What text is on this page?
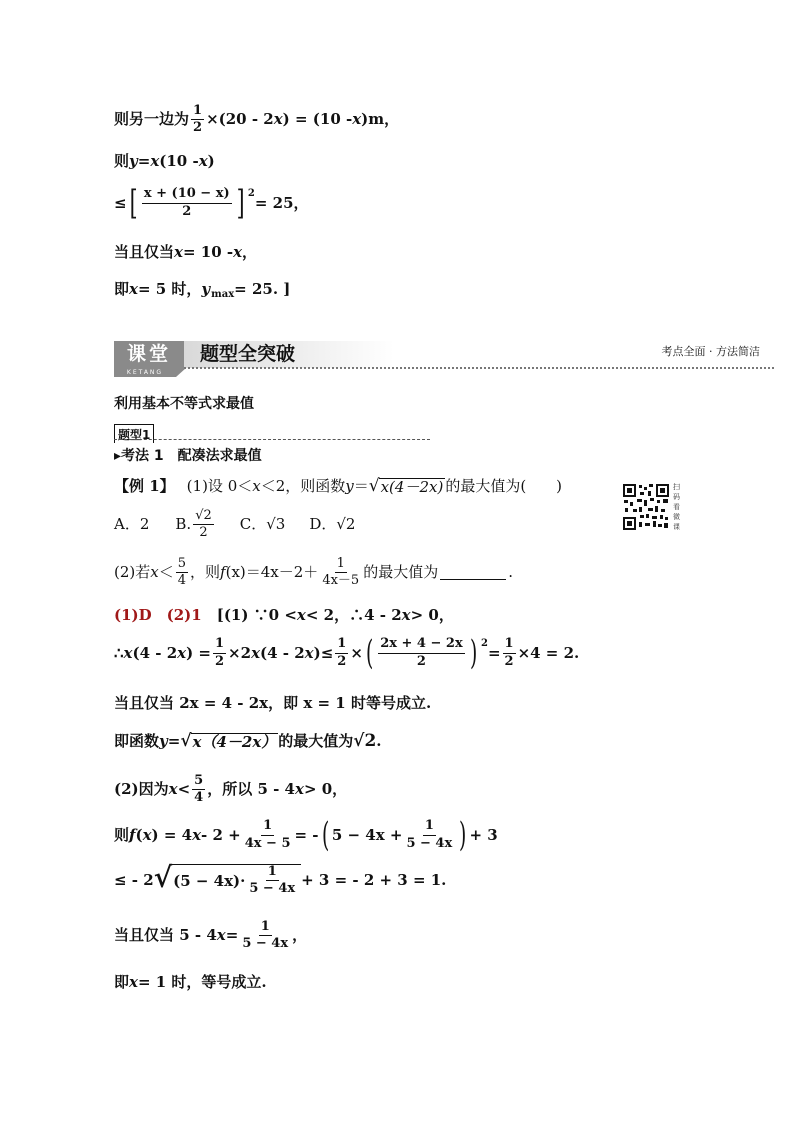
则另一边为 $\frac{1}{2} \times(20 - 2$ x ) = (10 - x )m，
则 y = x (10 - x )
≤ [ $\frac{x + (10 - x)}{2}$ ] 2 = 25，
当且仅当 x = 10 - x ，
即 x = 5 时， y max = 25. ]
课堂
KETANG
题型全突破	考点全面 · 方法简洁
利用基本不等式求最值
题型1
▸考法 1　配凑法求最值
扫码看微课
【例 1】 (1)设 0＜ x ＜2，则函数 y ＝ √ x(4－2x) 的最大值为(　　)
A．2 B. $\frac{√2}{2}$ C．√3 D．√2
(2)若 $x < \frac{5}{4}$ ，则 f $(x)=4x-2+ \frac{1}{4x-5}$ 的最大值为	.
(1)D　(2)1 　[(1) ∵0 < x < 2，∴4 - 2 x > 0，
∴ x (4 - 2 x ) = $\frac{1}{2} \times 2$ x (4 - 2 x )≤ $\frac{1}{2}$ × ( $\frac{2x + 4 - 2x}{2}$ ) $2 = \frac{1}{2} \times 4 = 2$.
当且仅当 2x = 4 - 2x，即 x = 1 时等号成立.
即函数 y = √ x（4－2x） 的最大值为 √2 .
(2)因为 $x < \frac{5}{4}$ ，所以 5 - 4 x > 0，
则 f ( x ) = 4 $x - 2 + \frac{1}{4x - 5}$ = - ( $5 - 4x + \frac{1}{5 - 4x}$ ) + 3
≤ - 2 √ $(5 - 4x)\cdot \frac{1}{5 - 4x} + 3$ = - 2 + 3 = 1.
当且仅当 5 - 4 $x = \frac{1}{5 - 4x}$ ，
即 x = 1 时，等号成立.
